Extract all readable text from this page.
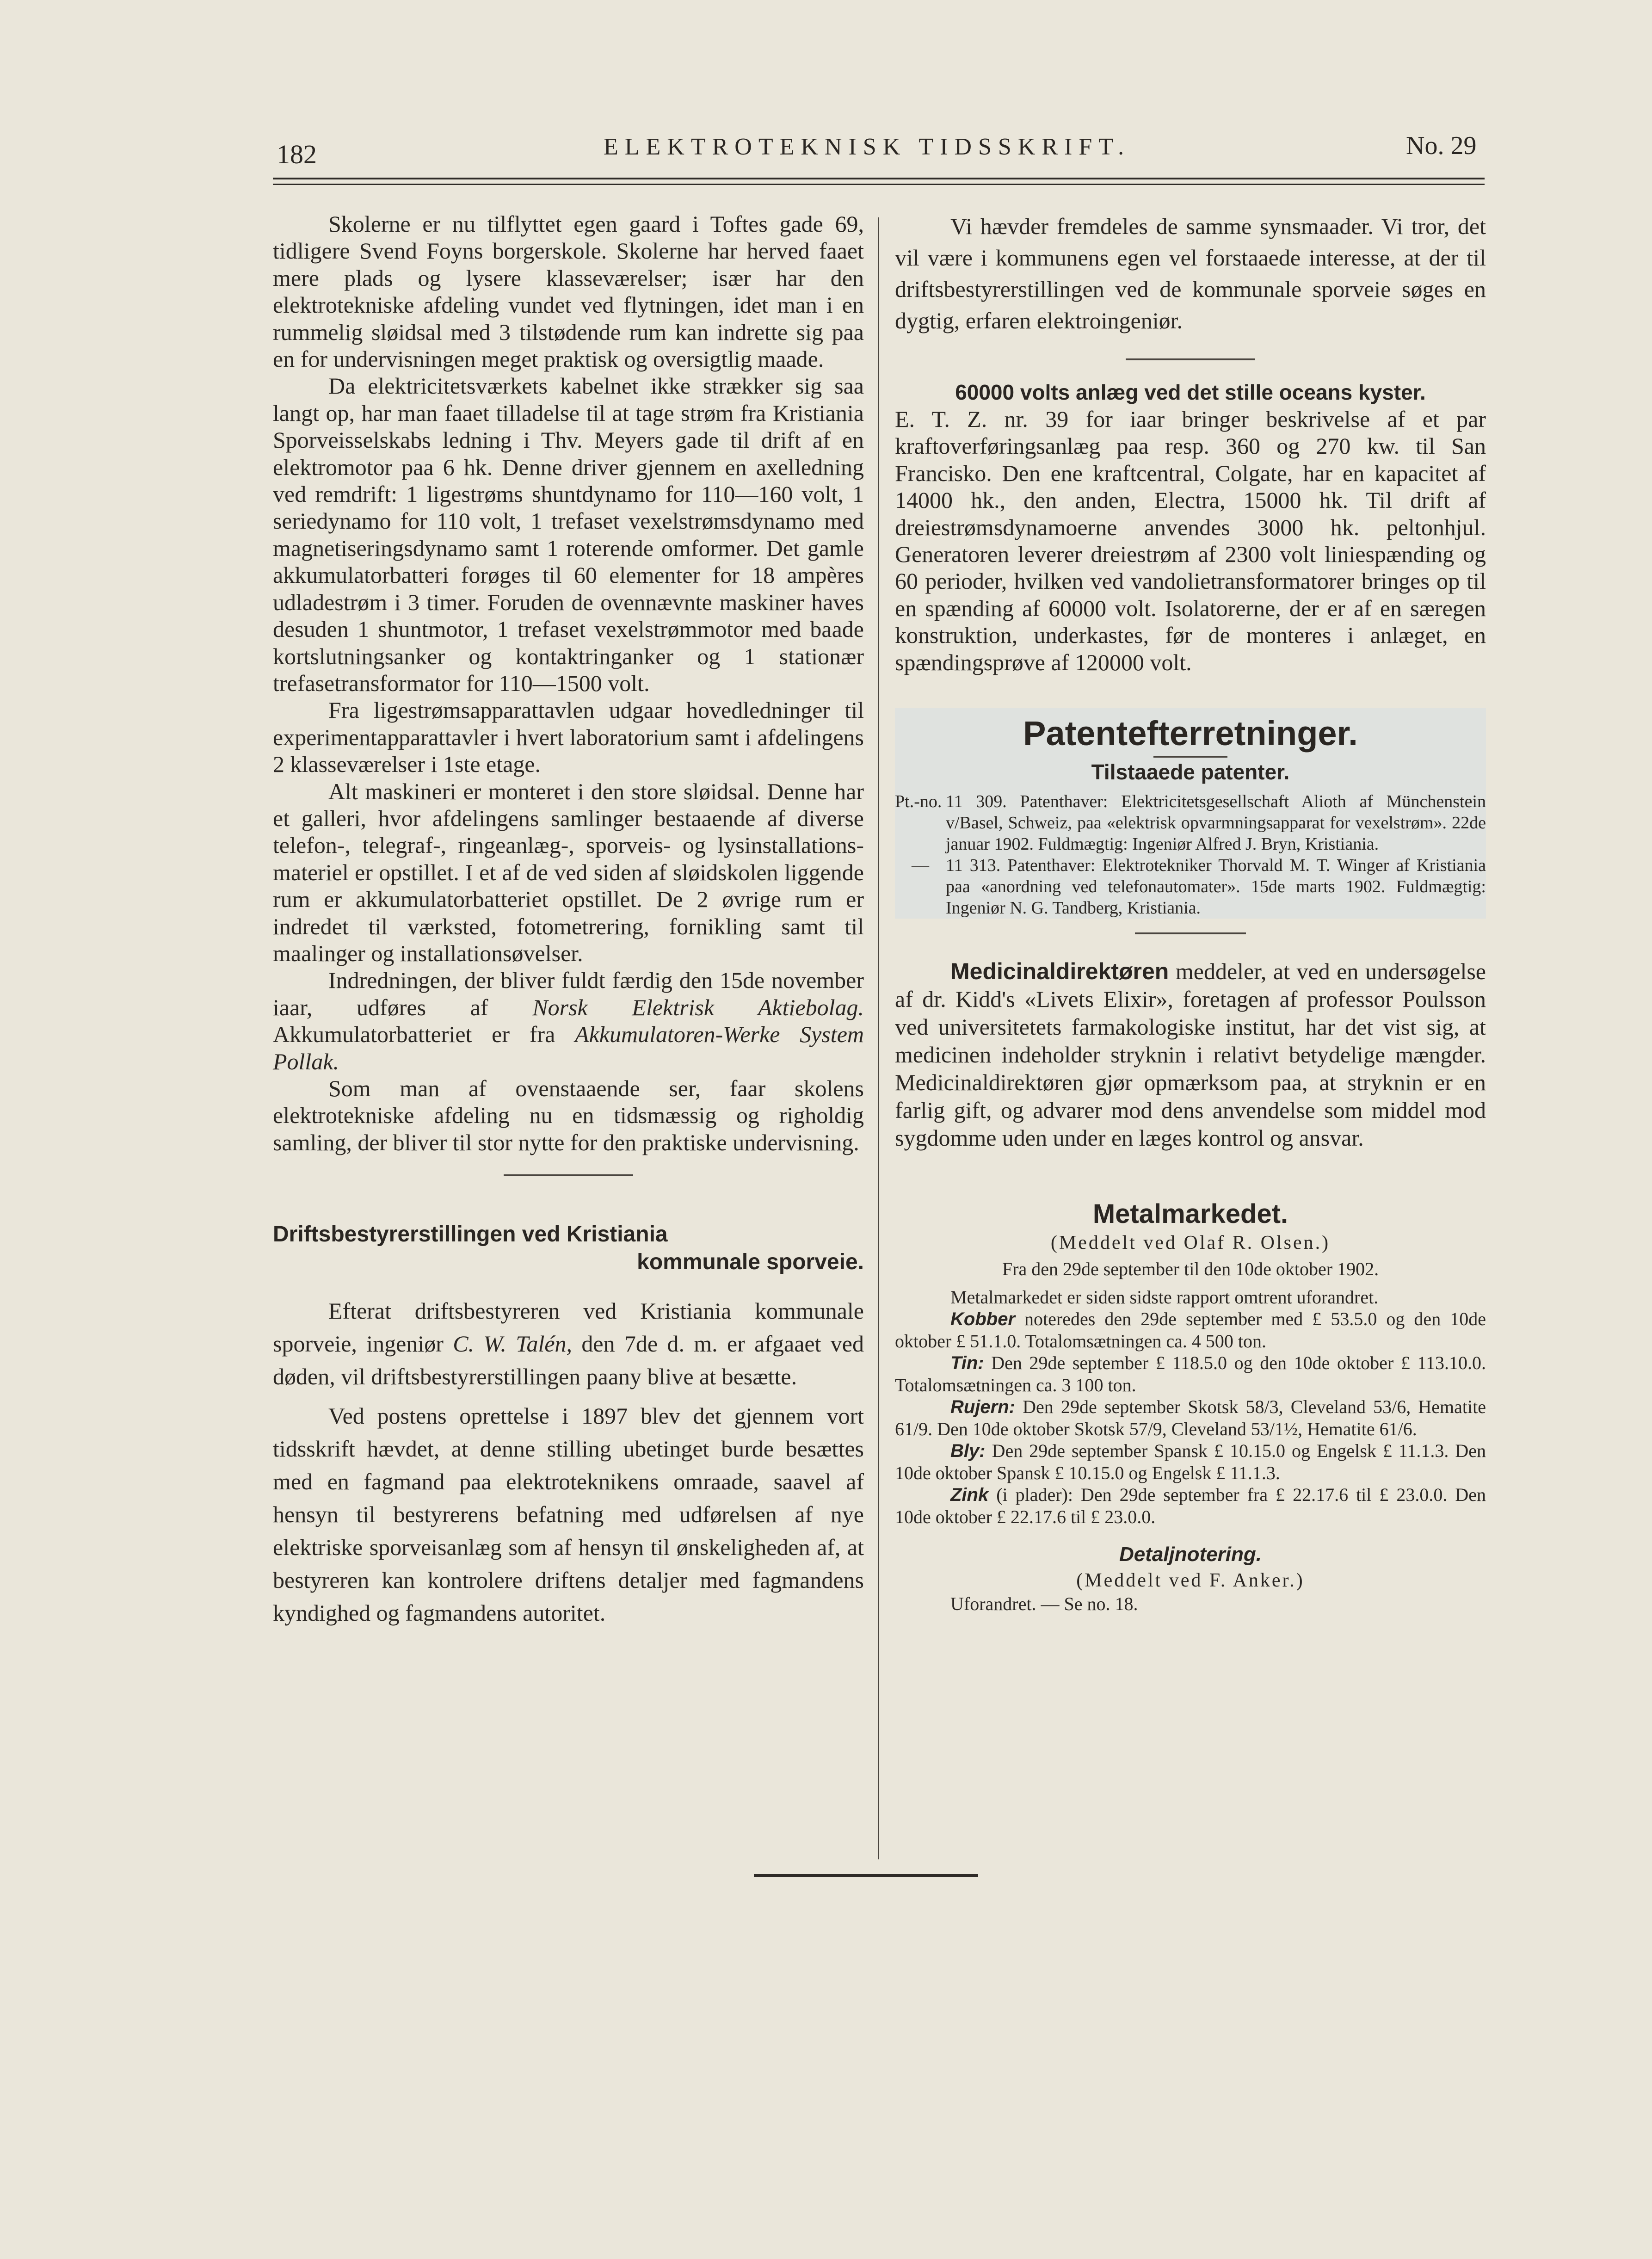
182	ELEKTROTEKNISK TIDSSKRIFT.	No. 29

Skolerne er nu tilflyttet egen gaard i Toftes gade 69, tidligere Svend Foyns borgerskole. Skolerne har herved faaet mere plads og lysere klasseværelser; især har den elektrotekniske afdeling vundet ved flytningen, idet man i en rummelig sløidsal med 3 tilstødende rum kan indrette sig paa en for undervisningen meget praktisk og oversigtlig maade.

Da elektricitetsværkets kabelnet ikke strækker sig saa langt op, har man faaet tilladelse til at tage strøm fra Kristiania Sporveisselskabs ledning i Thv. Meyers gade til drift af en elektromotor paa 6 hk. Denne driver gjennem en axelledning ved remdrift: 1 ligestrøms shuntdynamo for 110—160 volt, 1 seriedynamo for 110 volt, 1 trefaset vexelstrømsdynamo med magnetiseringsdynamo samt 1 roterende omformer. Det gamle akkumulatorbatteri forøges til 60 elementer for 18 ampères udladestrøm i 3 timer. Foruden de ovennævnte maskiner haves desuden 1 shuntmotor, 1 trefaset vexelstrømmotor med baade kortslutningsanker og kontaktringanker og 1 stationær trefasetransformator for 110—1500 volt.

Fra ligestrømsapparattavlen udgaar hovedledninger til experimentapparattavler i hvert laboratorium samt i afdelingens 2 klasseværelser i 1ste etage.

Alt maskineri er monteret i den store sløidsal. Denne har et galleri, hvor afdelingens samlinger bestaaende af diverse telefon-, telegraf-, ringeanlæg-, sporveis- og lysinstallations-materiel er opstillet. I et af de ved siden af sløidskolen liggende rum er akkumulatorbatteriet opstillet. De 2 øvrige rum er indredet til værksted, fotometrering, fornikling samt til maalinger og installationsøvelser.

Indredningen, der bliver fuldt færdig den 15de november iaar, udføres af Norsk Elektrisk Aktiebolag. Akkumulatorbatteriet er fra Akkumulatoren-Werke System Pollak.

Som man af ovenstaaende ser, faar skolens elektrotekniske afdeling nu en tidsmæssig og righoldig samling, der bliver til stor nytte for den praktiske undervisning.

Driftsbestyrerstillingen ved Kristiania
kommunale sporveie.

Efterat driftsbestyreren ved Kristiania kommunale sporveie, ingeniør C. W. Talén, den 7de d. m. er afgaaet ved døden, vil driftsbestyrerstillingen paany blive at besætte.

Ved postens oprettelse i 1897 blev det gjennem vort tidsskrift hævdet, at denne stilling ubetinget burde besættes med en fagmand paa elektroteknikens omraade, saavel af hensyn til bestyrerens befatning med udførelsen af nye elektriske sporveisanlæg som af hensyn til ønskeligheden af, at bestyreren kan kontrolere driftens detaljer med fagmandens kyndighed og fagmandens autoritet.

Vi hævder fremdeles de samme synsmaader. Vi tror, det vil være i kommunens egen vel forstaaede interesse, at der til driftsbestyrerstillingen ved de kommunale sporveie søges en dygtig, erfaren elektroingeniør.

60000 volts anlæg ved det stille oceans kyster.

E. T. Z. nr. 39 for iaar bringer beskrivelse af et par kraftoverføringsanlæg paa resp. 360 og 270 kw. til San Francisko. Den ene kraftcentral, Colgate, har en kapacitet af 14000 hk., den anden, Electra, 15000 hk. Til drift af dreiestrømsdynamoerne anvendes 3000 hk. peltonhjul. Generatoren leverer dreiestrøm af 2300 volt liniespænding og 60 perioder, hvilken ved vandolietransformatorer bringes op til en spænding af 60000 volt. Isolatorerne, der er af en særegen konstruktion, underkastes, før de monteres i anlæget, en spændingsprøve af 120000 volt.

Patentefterretninger.
Tilstaaede patenter.
Pt.-no. 11 309. Patenthaver: Elektricitetsgesellschaft Alioth af Münchenstein v/Basel, Schweiz, paa «elektrisk opvarmningsapparat for vexelstrøm». 22de januar 1902. Fuldmægtig: Ingeniør Alfred J. Bryn, Kristiania.
— 11 313. Patenthaver: Elektrotekniker Thorvald M. T. Winger af Kristiania paa «anordning ved telefonautomater». 15de marts 1902. Fuldmægtig: Ingeniør N. G. Tandberg, Kristiania.

Medicinaldirektøren meddeler, at ved en undersøgelse af dr. Kidd's «Livets Elixir», foretagen af professor Poulsson ved universitetets farmakologiske institut, har det vist sig, at medicinen indeholder stryknin i relativt betydelige mængder. Medicinaldirektøren gjør opmærksom paa, at stryknin er en farlig gift, og advarer mod dens anvendelse som middel mod sygdomme uden under en læges kontrol og ansvar.

Metalmarkedet.
(Meddelt ved Olaf R. Olsen.)
Fra den 29de september til den 10de oktober 1902.

Metalmarkedet er siden sidste rapport omtrent uforandret.

Kobber noteredes den 29de september med £ 53.5.0 og den 10de oktober £ 51.1.0. Totalomsætningen ca. 4 500 ton.

Tin: Den 29de september £ 118.5.0 og den 10de oktober £ 113.10.0. Totalomsætningen ca. 3 100 ton.

Rujern: Den 29de september Skotsk 58/3, Cleveland 53/6, Hematite 61/9. Den 10de oktober Skotsk 57/9, Cleveland 53/1½, Hematite 61/6.

Bly: Den 29de september Spansk £ 10.15.0 og Engelsk £ 11.1.3. Den 10de oktober Spansk £ 10.15.0 og Engelsk £ 11.1.3.

Zink (i plader): Den 29de september fra £ 22.17.6 til £ 23.0.0. Den 10de oktober £ 22.17.6 til £ 23.0.0.

Detaljnotering.
(Meddelt ved F. Anker.)

Uforandret. — Se no. 18.
